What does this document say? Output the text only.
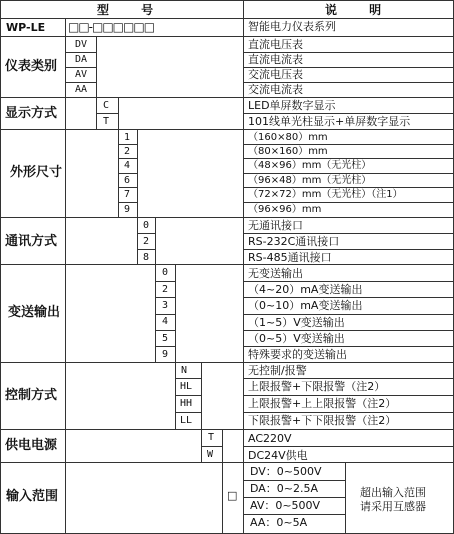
型 号	说 明
WP-LE □□-□□□□□□	智能电力仪表系列
仪表类别
显示方式
外形尺寸
通讯方式
变送输出
控制方式
供电电源
输入范围
DV
DA
AV
AA
直流电压表
直流电流表
交流电压表
交流电流表
C
T
LED单屏数字显示
101线单光柱显示+单屏数字显示
1
2
4
6
7
9
（160×80）mm
（80×160）mm
（48×96）mm（无光柱）
（96×48）mm（无光柱）
（72×72）mm（无光柱）（注1）
（96×96）mm
0
2
8
无通讯接口
RS-232C通讯接口
RS-485通讯接口
0
2
3
4
5
9
无变送输出
（4~20）mA变送输出
（0~10）mA变送输出
（1~5）V变送输出
（0~5）V变送输出
特殊要求的变送输出
N
HL
HH
LL
无控制/报警
上限报警+下限报警（注2）
上限报警+上上限报警（注2）
下限报警+下下限报警（注2）
T
W
AC220V
DC24V供电
□
DV：0~500V
DA：0~2.5A
AV：0~500V
AA：0~5A
超出输入范围
请采用互感器
